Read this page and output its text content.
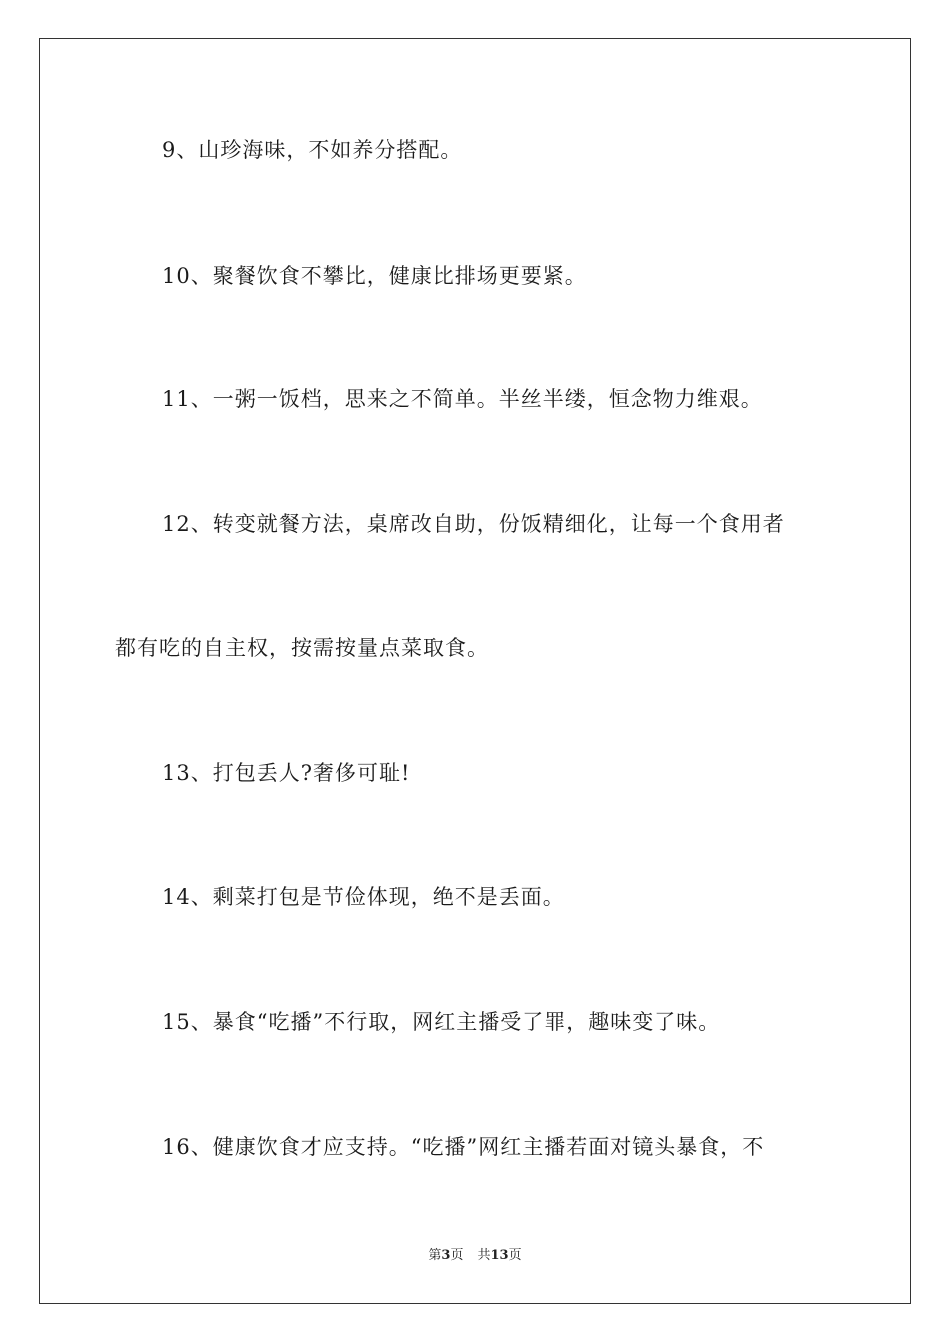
9、山珍海味，不如养分搭配。
10、聚餐饮食不攀比，健康比排场更要紧。
11、一粥一饭档，思来之不简单。半丝半缕，恒念物力维艰。
12、转变就餐方法，桌席改自助，份饭精细化，让每一个食用者
都有吃的自主权，按需按量点菜取食。
13、打包丢人?奢侈可耻!
14、剩菜打包是节俭体现，绝不是丢面。
15、暴食“吃播”不行取，网红主播受了罪，趣味变了味。
16、健康饮食才应支持。“吃播”网红主播若面对镜头暴食，不
第3页 共13页
